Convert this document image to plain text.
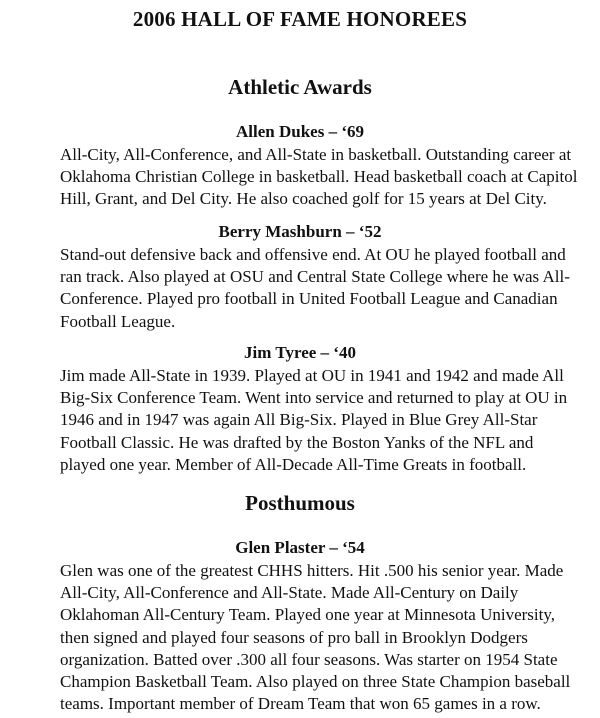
2006 HALL OF FAME HONOREES
Athletic Awards
Allen Dukes – ‘69
All-City, All-Conference, and All-State in basketball. Outstanding career at
Oklahoma Christian College in basketball. Head basketball coach at Capitol
Hill, Grant, and Del City. He also coached golf for 15 years at Del City.
Berry Mashburn – ‘52
Stand-out defensive back and offensive end. At OU he played football and
ran track. Also played at OSU and Central State College where he was All-
Conference. Played pro football in United Football League and Canadian
Football League.
Jim Tyree – ‘40
Jim made All-State in 1939. Played at OU in 1941 and 1942 and made All
Big-Six Conference Team. Went into service and returned to play at OU in
1946 and in 1947 was again All Big-Six. Played in Blue Grey All-Star
Football Classic. He was drafted by the Boston Yanks of the NFL and
played one year. Member of All-Decade All-Time Greats in football.
Posthumous
Glen Plaster – ‘54
Glen was one of the greatest CHHS hitters. Hit .500 his senior year. Made
All-City, All-Conference and All-State. Made All-Century on Daily
Oklahoman All-Century Team. Played one year at Minnesota University,
then signed and played four seasons of pro ball in Brooklyn Dodgers
organization. Batted over .300 all four seasons. Was starter on 1954 State
Champion Basketball Team. Also played on three State Champion baseball
teams. Important member of Dream Team that won 65 games in a row.
